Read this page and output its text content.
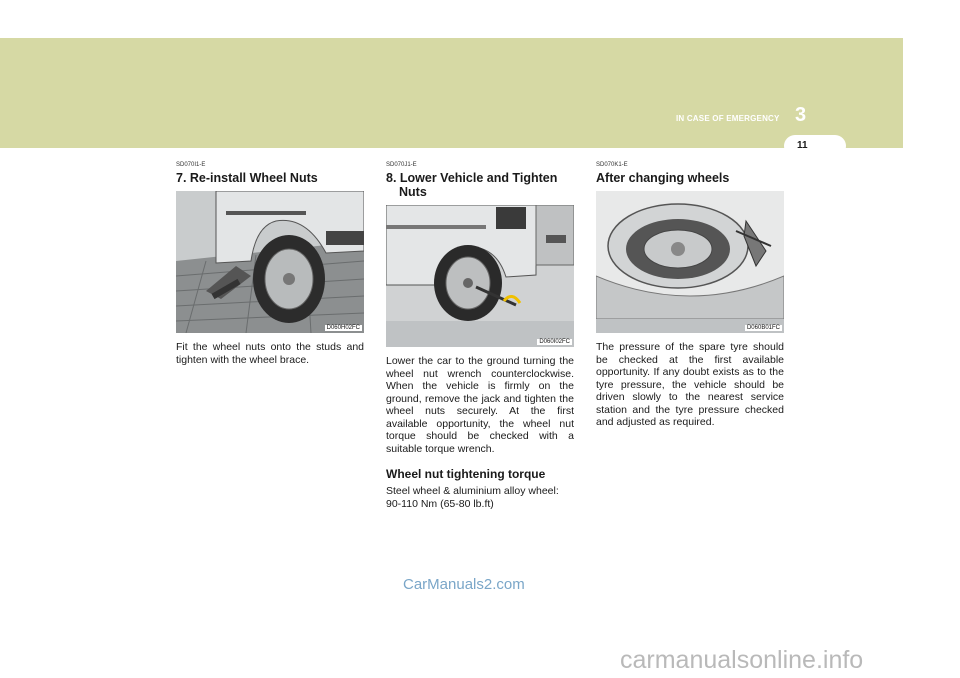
IN CASE OF EMERGENCY 3
11
SD070I1-E
7. Re-install Wheel Nuts
D060H02FC

Fit the wheel nuts onto the studs and tighten with the wheel brace.

SD070J1-E
8. Lower Vehicle and Tighten
Nuts
D060I02FC

Lower the car to the ground turning the wheel nut wrench counterclockwise. When the vehicle is firmly on the ground, remove the jack and tighten the wheel nuts securely. At the first available opportunity, the wheel nut torque should be checked with a suitable torque wrench.

Wheel nut tightening torque

Steel wheel & aluminium alloy wheel:
90-110 Nm (65-80 lb.ft)

SD070K1-E
After changing wheels
D060B01FC

The pressure of the spare tyre should be checked at the first available opportunity. If any doubt exists as to the tyre pressure, the vehicle should be driven slowly to the nearest service station and the tyre pressure checked and adjusted as required.

CarManuals2.com
carmanualsonline.info
